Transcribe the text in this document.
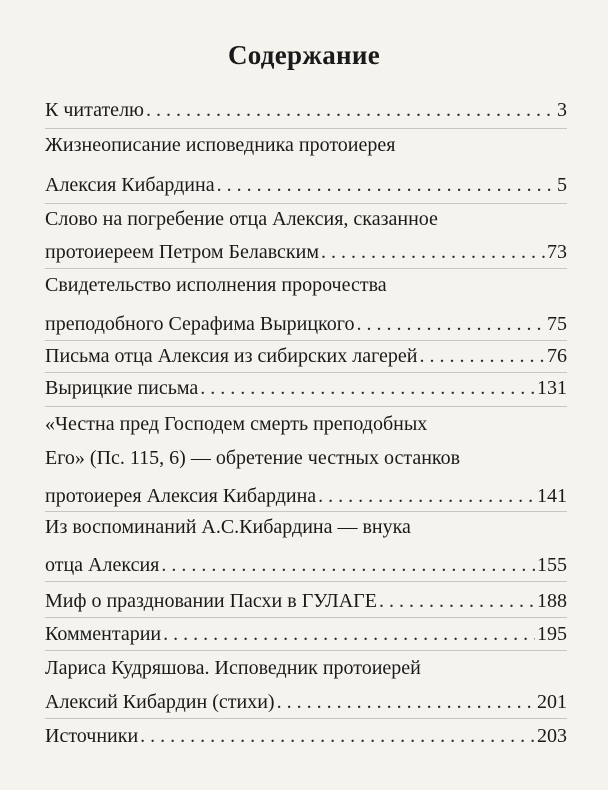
Содержание
К читателю . . .	3
Жизнеописание исповедника протоиерея
Алексия Кибардина . . .	5
Слово на погребение отца Алексия, сказанное
протоиереем Петром Белавским . . .	73
Свидетельство исполнения пророчества
преподобного Серафима Вырицкого . . .	75
Письма отца Алексия из сибирских лагерей . . .	76
Вырицкие письма . . .	131
«Честна пред Господем смерть преподобных
Его» (Пс. 115, 6) — обретение честных останков
протоиерея Алексия Кибардина . . .	141
Из воспоминаний А.С.Кибардина — внука
отца Алексия . . .	155
Миф о праздновании Пасхи в ГУЛАГЕ . . .	188
Комментарии . . .	195
Лариса Кудряшова. Исповедник протоиерей
Алексий Кибардин (стихи) . . .	201
Источники . . .	203
